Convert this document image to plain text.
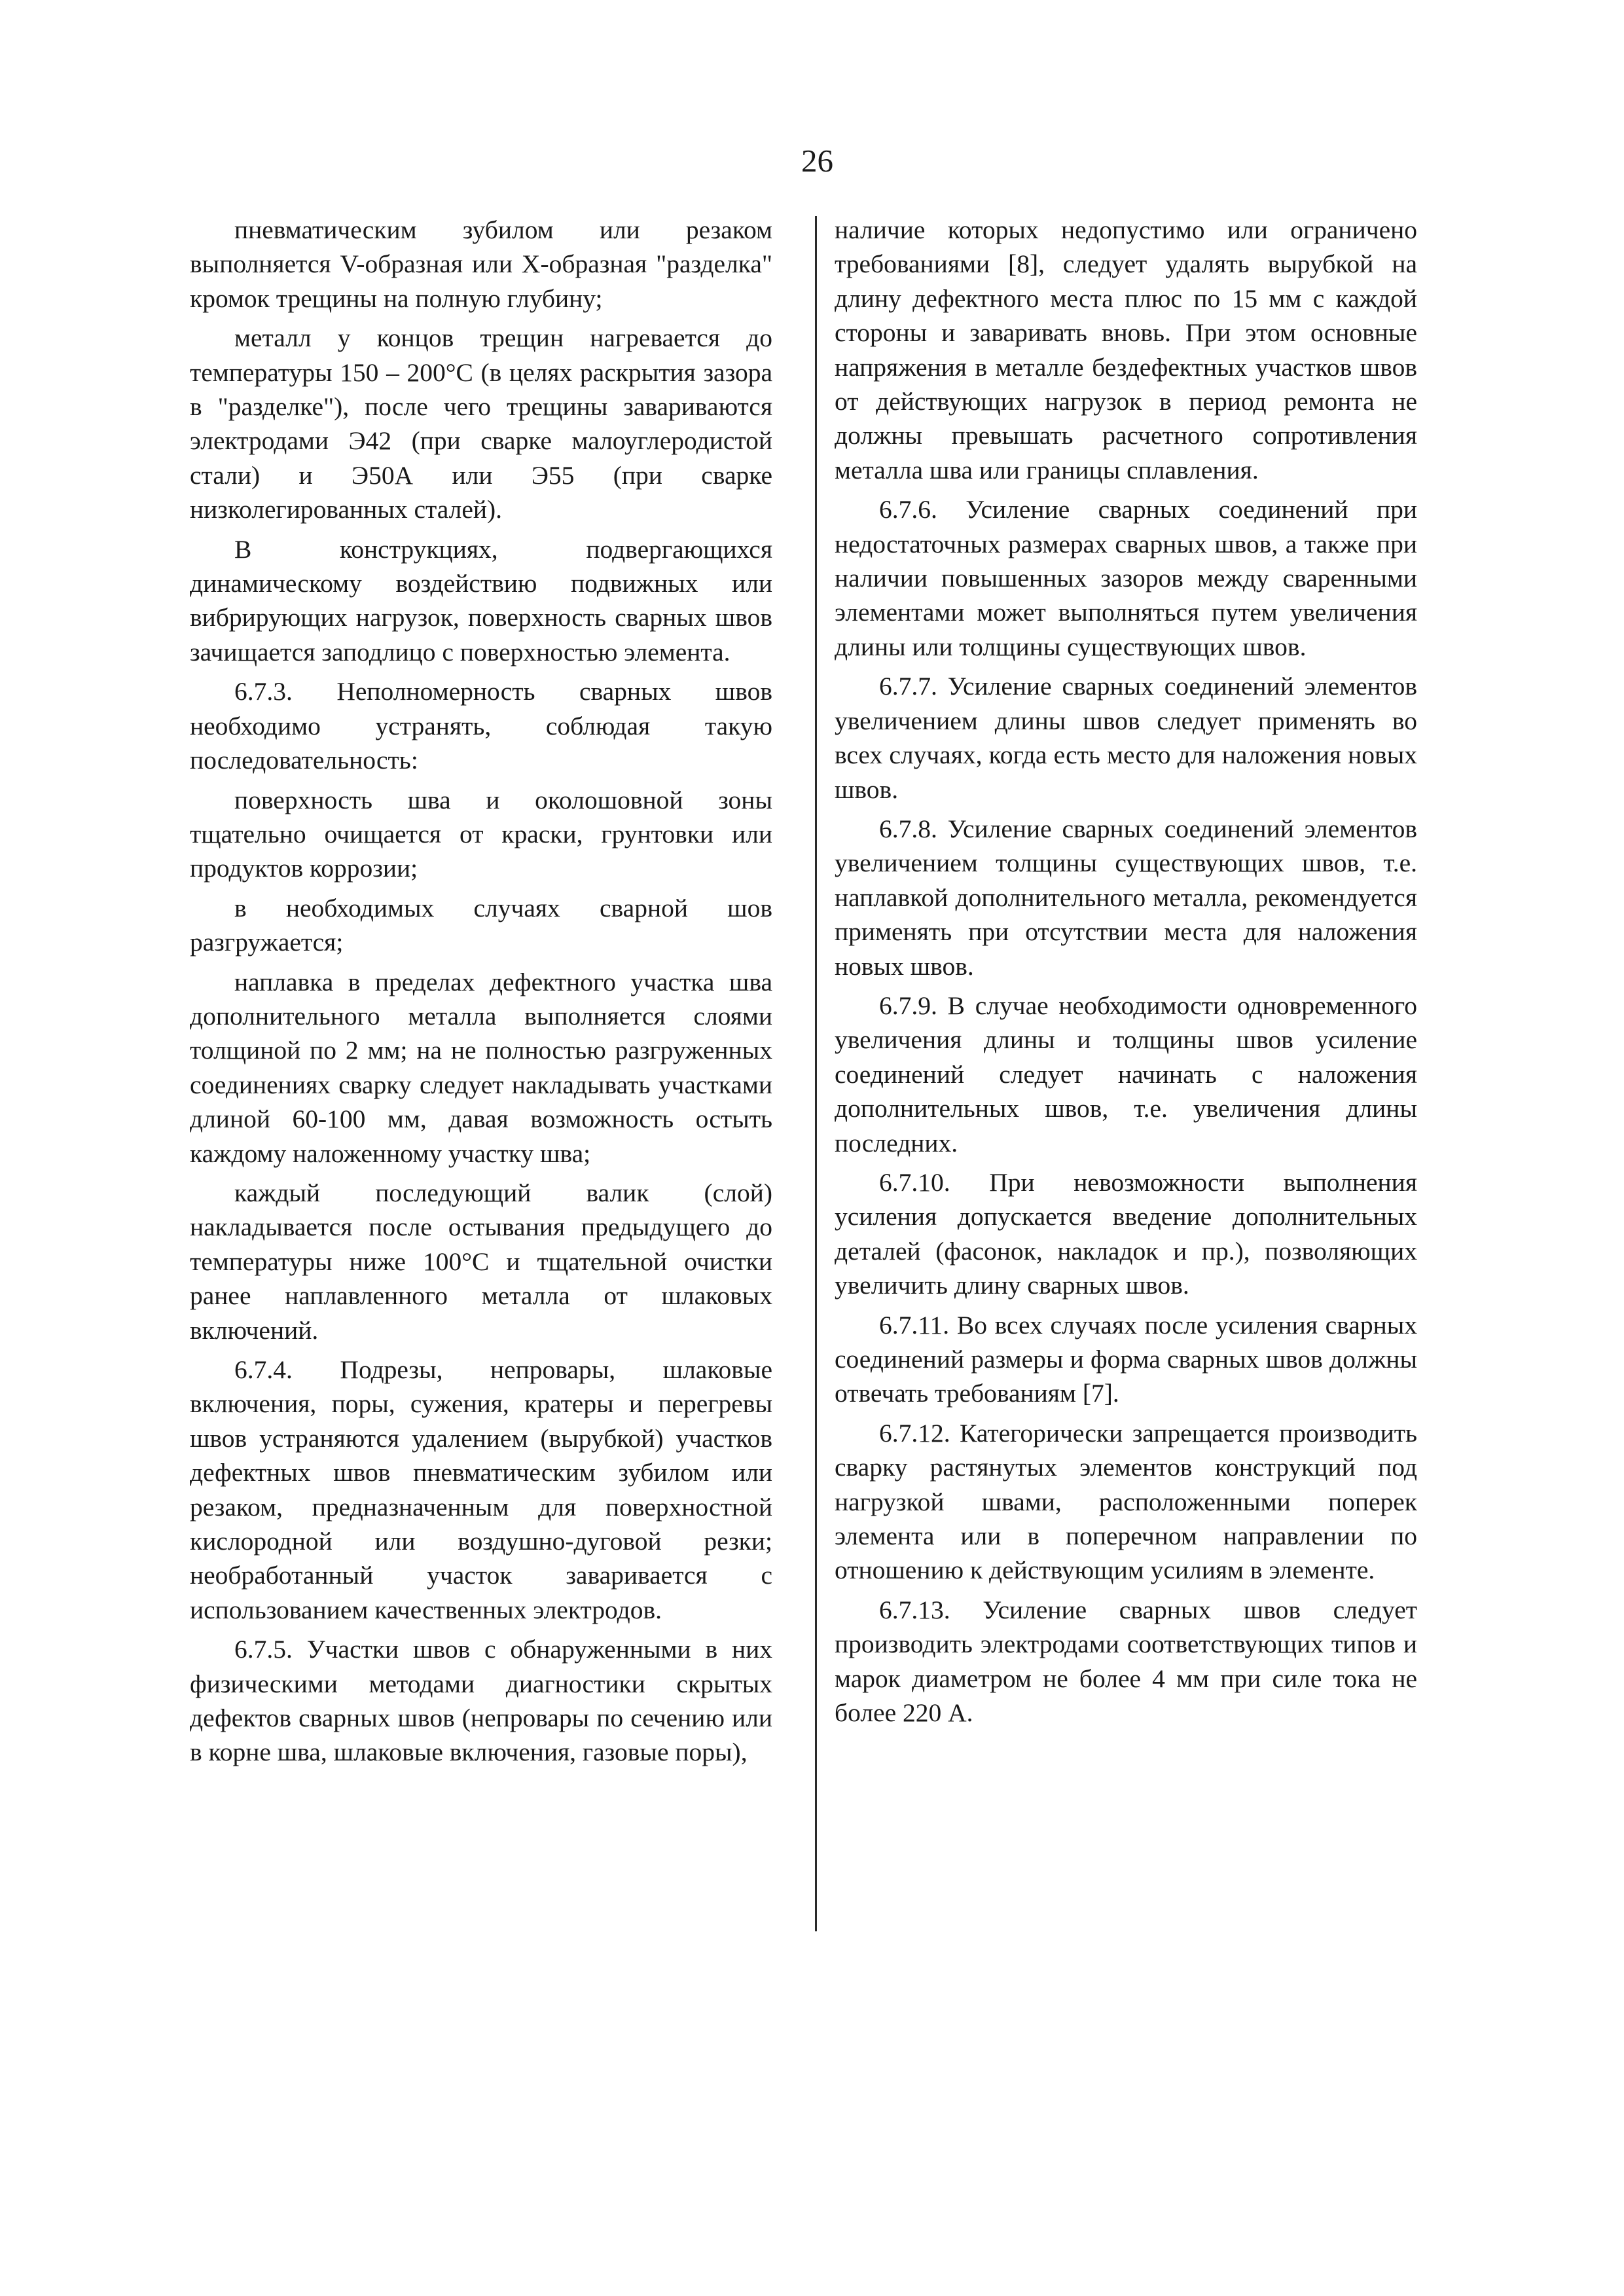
26

пневматическим зубилом или резаком выполняется V-образная или Х-образная "разделка" кромок трещины на полную глубину;

металл у концов трещин нагревается до температуры 150 – 200°С (в целях раскрытия зазора в "разделке"), после чего трещины завариваются электродами Э42 (при сварке малоуглеродистой стали) и Э50А или Э55 (при сварке низколегированных сталей).

В конструкциях, подвергающихся динамическому воздействию подвижных или вибрирующих нагрузок, поверхность сварных швов зачищается заподлицо с поверхностью элемента.

6.7.3. Неполномерность сварных швов необходимо устранять, соблюдая такую последовательность:

поверхность шва и околошовной зоны тщательно очищается от краски, грунтовки или продуктов коррозии;

в необходимых случаях сварной шов разгружается;

наплавка в пределах дефектного участка шва дополнительного металла выполняется слоями толщиной по 2 мм; на не полностью разгруженных соединениях сварку следует накладывать участками длиной 60-100 мм, давая возможность остыть каждому наложенному участку шва;

каждый последующий валик (слой) накладывается после остывания предыдущего до температуры ниже 100°С и тщательной очистки ранее наплавленного металла от шлаковых включений.

6.7.4. Подрезы, непровары, шлаковые включения, поры, сужения, кратеры и перегревы швов устраняются удалением (вырубкой) участков дефектных швов пневматическим зубилом или резаком, предназначенным для поверхностной кислородной или воздушно-дуговой резки; необработанный участок заваривается с использованием качественных электродов.

6.7.5. Участки швов с обнаруженными в них физическими методами диагностики скрытых дефектов сварных швов (непровары по сечению или в корне шва, шлаковые включения, газовые поры),

наличие которых недопустимо или ограничено требованиями [8], следует удалять вырубкой на длину дефектного места плюс по 15 мм с каждой стороны и заваривать вновь. При этом основные напряжения в металле бездефектных участков швов от действующих нагрузок в период ремонта не должны превышать расчетного сопротивления металла шва или границы сплавления.

6.7.6. Усиление сварных соединений при недостаточных размерах сварных швов, а также при наличии повышенных зазоров между сваренными элементами может выполняться путем увеличения длины или толщины существующих швов.

6.7.7. Усиление сварных соединений элементов увеличением длины швов следует применять во всех случаях, когда есть место для наложения новых швов.

6.7.8. Усиление сварных соединений элементов увеличением толщины существующих швов, т.е. наплавкой дополнительного металла, рекомендуется применять при отсутствии места для наложения новых швов.

6.7.9. В случае необходимости одновременного увеличения длины и толщины швов усиление соединений следует начинать с наложения дополнительных швов, т.е. увеличения длины последних.

6.7.10. При невозможности выполнения усиления допускается введение дополнительных деталей (фасонок, накладок и пр.), позволяющих увеличить длину сварных швов.

6.7.11. Во всех случаях после усиления сварных соединений размеры и форма сварных швов должны отвечать требованиям [7].

6.7.12. Категорически запрещается производить сварку растянутых элементов конструкций под нагрузкой швами, расположенными поперек элемента или в поперечном направлении по отношению к действующим усилиям в элементе.

6.7.13. Усиление сварных швов следует производить электродами соответствующих типов и марок диаметром не более 4 мм при силе тока не более 220 А.
